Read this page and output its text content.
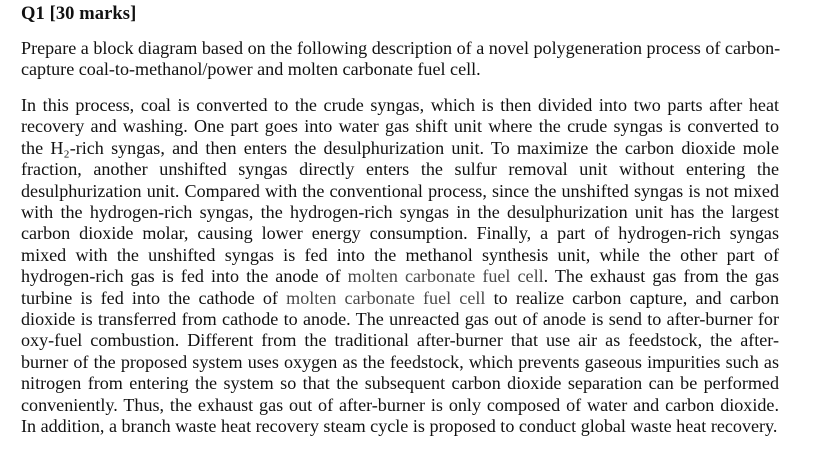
Q1 [30 marks]
Prepare a block diagram based on the following description of a novel polygeneration process of carbon-
capture coal-to-methanol/power and molten carbonate fuel cell.
In this process, coal is converted to the crude syngas, which is then divided into two parts after heat
recovery and washing. One part goes into water gas shift unit where the crude syngas is converted to
the H₂-rich syngas, and then enters the desulphurization unit. To maximize the carbon dioxide mole
fraction, another unshifted syngas directly enters the sulfur removal unit without entering the
desulphurization unit. Compared with the conventional process, since the unshifted syngas is not mixed
with the hydrogen-rich syngas, the hydrogen-rich syngas in the desulphurization unit has the largest
carbon dioxide molar, causing lower energy consumption. Finally, a part of hydrogen-rich syngas
mixed with the unshifted syngas is fed into the methanol synthesis unit, while the other part of
hydrogen-rich gas is fed into the anode of molten carbonate fuel cell. The exhaust gas from the gas
turbine is fed into the cathode of molten carbonate fuel cell to realize carbon capture, and carbon
dioxide is transferred from cathode to anode. The unreacted gas out of anode is send to after-burner for
oxy-fuel combustion. Different from the traditional after-burner that use air as feedstock, the after-
burner of the proposed system uses oxygen as the feedstock, which prevents gaseous impurities such as
nitrogen from entering the system so that the subsequent carbon dioxide separation can be performed
conveniently. Thus, the exhaust gas out of after-burner is only composed of water and carbon dioxide.
In addition, a branch waste heat recovery steam cycle is proposed to conduct global waste heat recovery.
